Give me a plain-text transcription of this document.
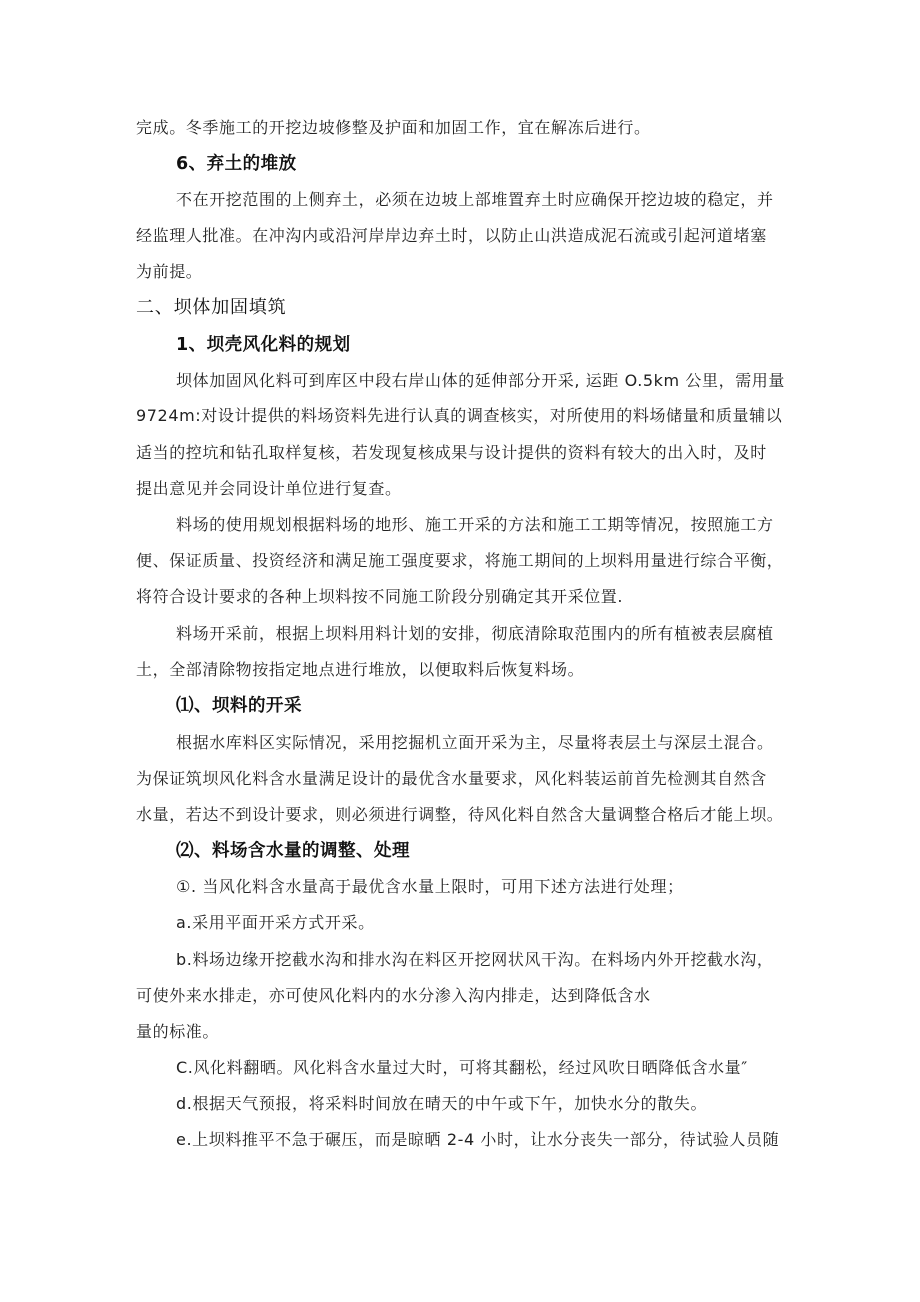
完成。冬季施工的开挖边坡修整及护面和加固工作，宜在解冻后进行。
6、弃土的堆放
不在开挖范围的上侧弃土，必须在边坡上部堆置弃土时应确保开挖边坡的稳定，并
经监理人批准。在冲沟内或沿河岸岸边弃土时，以防止山洪造成泥石流或引起河道堵塞
为前提。
二、坝体加固填筑
1、坝壳风化料的规划
坝体加固风化料可到库区中段右岸山体的延伸部分开采, 运距 O.5km 公里，需用量
9724m:对设计提供的料场资料先进行认真的调查核实，对所使用的料场储量和质量辅以
适当的控坑和钻孔取样复核，若发现复核成果与设计提供的资料有较大的出入时，及时
提出意见并会同设计单位进行复查。
料场的使用规划根据料场的地形、施工开采的方法和施工工期等情况，按照施工方
便、保证质量、投资经济和满足施工强度要求，将施工期间的上坝料用量进行综合平衡，
将符合设计要求的各种上坝料按不同施工阶段分别确定其开采位置.
料场开采前，根据上坝料用料计划的安排，彻底清除取范围内的所有植被表层腐植
土，全部清除物按指定地点进行堆放，以便取料后恢复料场。
⑴、坝料的开采
根据水库料区实际情况，采用挖掘机立面开采为主，尽量将表层土与深层土混合。
为保证筑坝风化料含水量满足设计的最优含水量要求，风化料装运前首先检测其自然含
水量，若达不到设计要求，则必须进行调整，待风化料自然含大量调整合格后才能上坝。
⑵、料场含水量的调整、处理
①. 当风化料含水量高于最优含水量上限时，可用下述方法进行处理；
a.采用平面开采方式开采。
b.料场边缘开挖截水沟和排水沟在料区开挖网状风干沟。在料场内外开挖截水沟，
可使外来水排走，亦可使风化料内的水分渗入沟内排走，达到降低含水
量的标准。
C.风化料翻晒。风化料含水量过大时，可将其翻松，经过风吹日晒降低含水量″
d.根据天气预报，将采料时间放在晴天的中午或下午，加快水分的散失。
e.上坝料推平不急于碾压，而是晾晒 2-4 小时，让水分丧失一部分，待试验人员随
